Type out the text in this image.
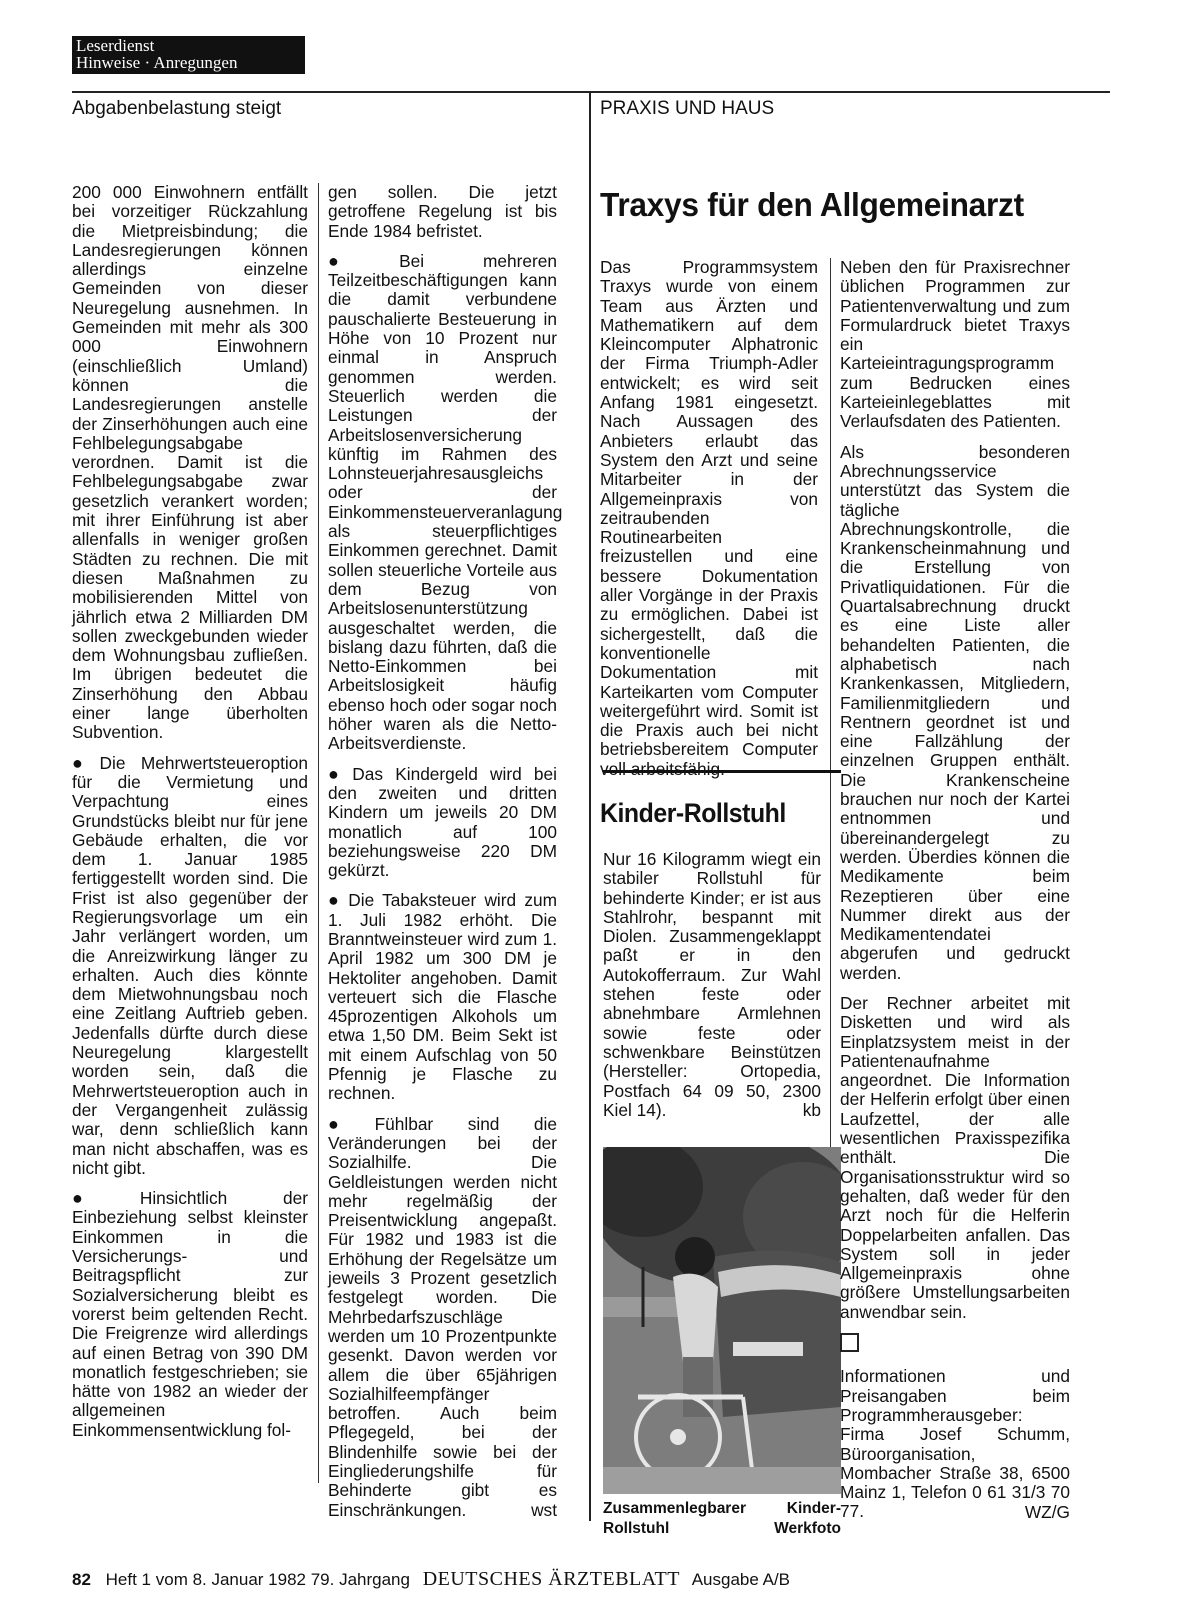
Leserdienst
Hinweise · Anregungen
Abgabenbelastung steigt	PRAXIS UND HAUS

200 000 Einwohnern entfällt bei vorzeitiger Rückzahlung die Mietpreisbindung; die Landesregierungen können allerdings einzelne Gemeinden von dieser Neuregelung ausnehmen. In Gemeinden mit mehr als 300 000 Einwohnern (einschließlich Umland) können die Landesregierungen anstelle der Zinserhöhungen auch eine Fehlbelegungsabgabe verordnen. Damit ist die Fehlbelegungsabgabe zwar gesetzlich verankert worden; mit ihrer Einführung ist aber allenfalls in weniger großen Städten zu rechnen. Die mit diesen Maßnahmen zu mobilisierenden Mittel von jährlich etwa 2 Milliarden DM sollen zweckgebunden wieder dem Wohnungsbau zufließen. Im übrigen bedeutet die Zinserhöhung den Abbau einer lange überholten Subvention.

● Die Mehrwertsteueroption für die Vermietung und Verpachtung eines Grundstücks bleibt nur für jene Gebäude erhalten, die vor dem 1. Januar 1985 fertiggestellt worden sind. Die Frist ist also gegenüber der Regierungsvorlage um ein Jahr verlängert worden, um die Anreizwirkung länger zu erhalten. Auch dies könnte dem Mietwohnungsbau noch eine Zeitlang Auftrieb geben. Jedenfalls dürfte durch diese Neuregelung klargestellt worden sein, daß die Mehrwertsteueroption auch in der Vergangenheit zulässig war, denn schließlich kann man nicht abschaffen, was es nicht gibt.

● Hinsichtlich der Einbeziehung selbst kleinster Einkommen in die Versicherungs- und Beitragspflicht zur Sozialversicherung bleibt es vorerst beim geltenden Recht. Die Freigrenze wird allerdings auf einen Betrag von 390 DM monatlich festgeschrieben; sie hätte von 1982 an wieder der allgemeinen Einkommensentwicklung fol-

gen sollen. Die jetzt getroffene Regelung ist bis Ende 1984 befristet.

● Bei mehreren Teilzeitbeschäftigungen kann die damit verbundene pauschalierte Besteuerung in Höhe von 10 Prozent nur einmal in Anspruch genommen werden. Steuerlich werden die Leistungen der Arbeitslosenversicherung künftig im Rahmen des Lohnsteuerjahresausgleichs oder der Einkommensteuerveranlagung als steuerpflichtiges Einkommen gerechnet. Damit sollen steuerliche Vorteile aus dem Bezug von Arbeitslosenunterstützung ausgeschaltet werden, die bislang dazu führten, daß die Netto-Einkommen bei Arbeitslosigkeit häufig ebenso hoch oder sogar noch höher waren als die Netto-Arbeitsverdienste.

● Das Kindergeld wird bei den zweiten und dritten Kindern um jeweils 20 DM monatlich auf 100 beziehungsweise 220 DM gekürzt.

● Die Tabaksteuer wird zum 1. Juli 1982 erhöht. Die Branntweinsteuer wird zum 1. April 1982 um 300 DM je Hektoliter angehoben. Damit verteuert sich die Flasche 45prozentigen Alkohols um etwa 1,50 DM. Beim Sekt ist mit einem Aufschlag von 50 Pfennig je Flasche zu rechnen.

● Fühlbar sind die Veränderungen bei der Sozialhilfe. Die Geldleistungen werden nicht mehr regelmäßig der Preisentwicklung angepaßt. Für 1982 und 1983 ist die Erhöhung der Regelsätze um jeweils 3 Prozent gesetzlich festgelegt worden. Die Mehrbedarfszuschläge werden um 10 Prozentpunkte gesenkt. Davon werden vor allem die über 65jährigen Sozialhilfeempfänger betroffen. Auch beim Pflegegeld, bei der Blindenhilfe sowie bei der Eingliederungshilfe für Behinderte gibt es Einschränkungen.	wst
Traxys für den Allgemeinarzt

Das Programmsystem Traxys wurde von einem Team aus Ärzten und Mathematikern auf dem Kleincomputer Alphatronic der Firma Triumph-Adler entwickelt; es wird seit Anfang 1981 eingesetzt. Nach Aussagen des Anbieters erlaubt das System den Arzt und seine Mitarbeiter in der Allgemeinpraxis von zeitraubenden Routinearbeiten freizustellen und eine bessere Dokumentation aller Vorgänge in der Praxis zu ermöglichen. Dabei ist sichergestellt, daß die konventionelle Dokumentation mit Karteikarten vom Computer weitergeführt wird. Somit ist die Praxis auch bei nicht betriebsbereitem Computer voll arbeitsfähig.

Kinder-Rollstuhl

Nur 16 Kilogramm wiegt ein stabiler Rollstuhl für behinderte Kinder; er ist aus Stahlrohr, bespannt mit Diolen. Zusammengeklappt paßt er in den Autokofferraum. Zur Wahl stehen feste oder abnehmbare Armlehnen sowie feste oder schwenkbare Beinstützen (Hersteller: Ortopedia, Postfach 64 09 50, 2300 Kiel 14).	kb
Zusammenlegbarer	Kinder-
Rollstuhl	Werkfoto

Neben den für Praxisrechner üblichen Programmen zur Patientenverwaltung und zum Formulardruck bietet Traxys ein Karteieintragungsprogramm zum Bedrucken eines Karteieinlegeblattes mit Verlaufsdaten des Patienten.

Als besonderen Abrechnungsservice unterstützt das System die tägliche Abrechnungskontrolle, die Krankenscheinmahnung und die Erstellung von Privatliquidationen. Für die Quartalsabrechnung druckt es eine Liste aller behandelten Patienten, die alphabetisch nach Krankenkassen, Mitgliedern, Familienmitgliedern und Rentnern geordnet ist und eine Fallzählung der einzelnen Gruppen enthält. Die Krankenscheine brauchen nur noch der Kartei entnommen und übereinandergelegt zu werden. Überdies können die Medikamente beim Rezeptieren über eine Nummer direkt aus der Medikamentendatei abgerufen und gedruckt werden.

Der Rechner arbeitet mit Disketten und wird als Einplatzsystem meist in der Patientenaufnahme angeordnet. Die Information der Helferin erfolgt über einen Laufzettel, der alle wesentlichen Praxisspezifika enthält. Die Organisationsstruktur wird so gehalten, daß weder für den Arzt noch für die Helferin Doppelarbeiten anfallen. Das System soll in jeder Allgemeinpraxis ohne größere Umstellungsarbeiten anwendbar sein.

Informationen und Preisangaben beim Programmherausgeber: Firma Josef Schumm, Büroorganisation, Mombacher Straße 38, 6500 Mainz 1, Telefon 0 61 31/3 70 77.	WZ/G
82 Heft 1 vom 8. Januar 1982 79. Jahrgang DEUTSCHES ÄRZTEBLATT Ausgabe A/B
